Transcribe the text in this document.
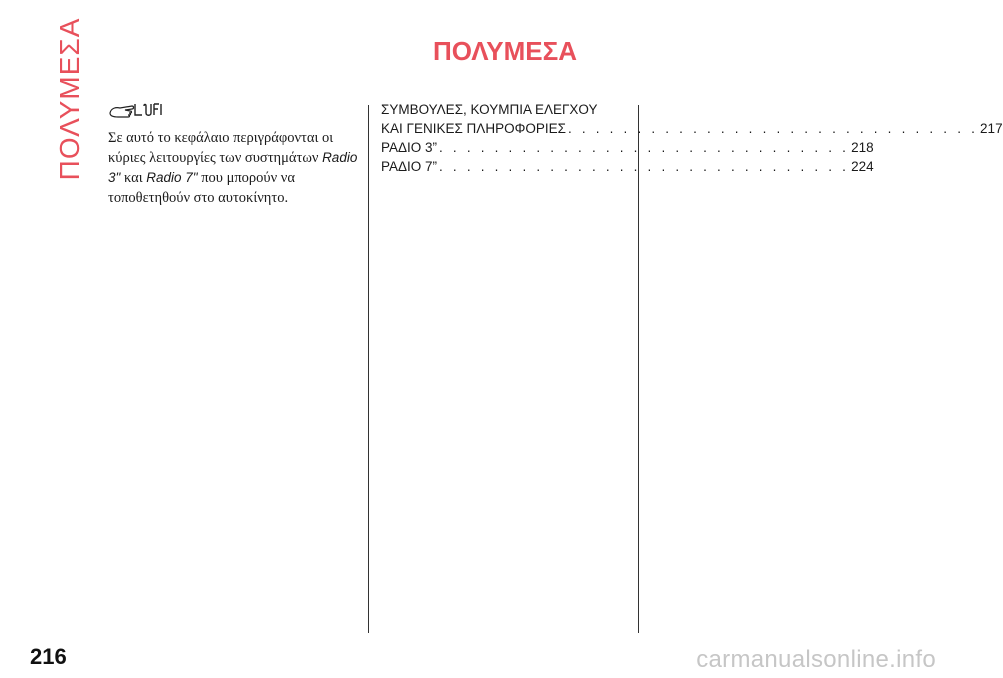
ΠΟΛΥΜΕΣΑ	ΠΟΛΥΜΕΣΑ

Σε αυτό το κεφάλαιο περιγράφονται οι κύριες λειτουργίες των συστημάτων Radio 3" και Radio 7" που μπορούν να τοποθετηθούν στο αυτοκίνητο.

ΣΥΜΒΟΥΛΕΣ, ΚΟΥΜΠΙΑ ΕΛΕΓΧΟΥ
ΚΑΙ ΓΕΝΙΚΕΣ ΠΛΗΡΟΦΟΡΙΕΣ . . . . . . . . . . . . . . . . . . . . . . . . . . . . . . 217
ΡΑΔΙΟ 3” . . . . . . . . . . . . . . . . . . . . . . . . . . . . . . 218
ΡΑΔΙΟ 7” . . . . . . . . . . . . . . . . . . . . . . . . . . . . . . 224
216	carmanualsonline.info
